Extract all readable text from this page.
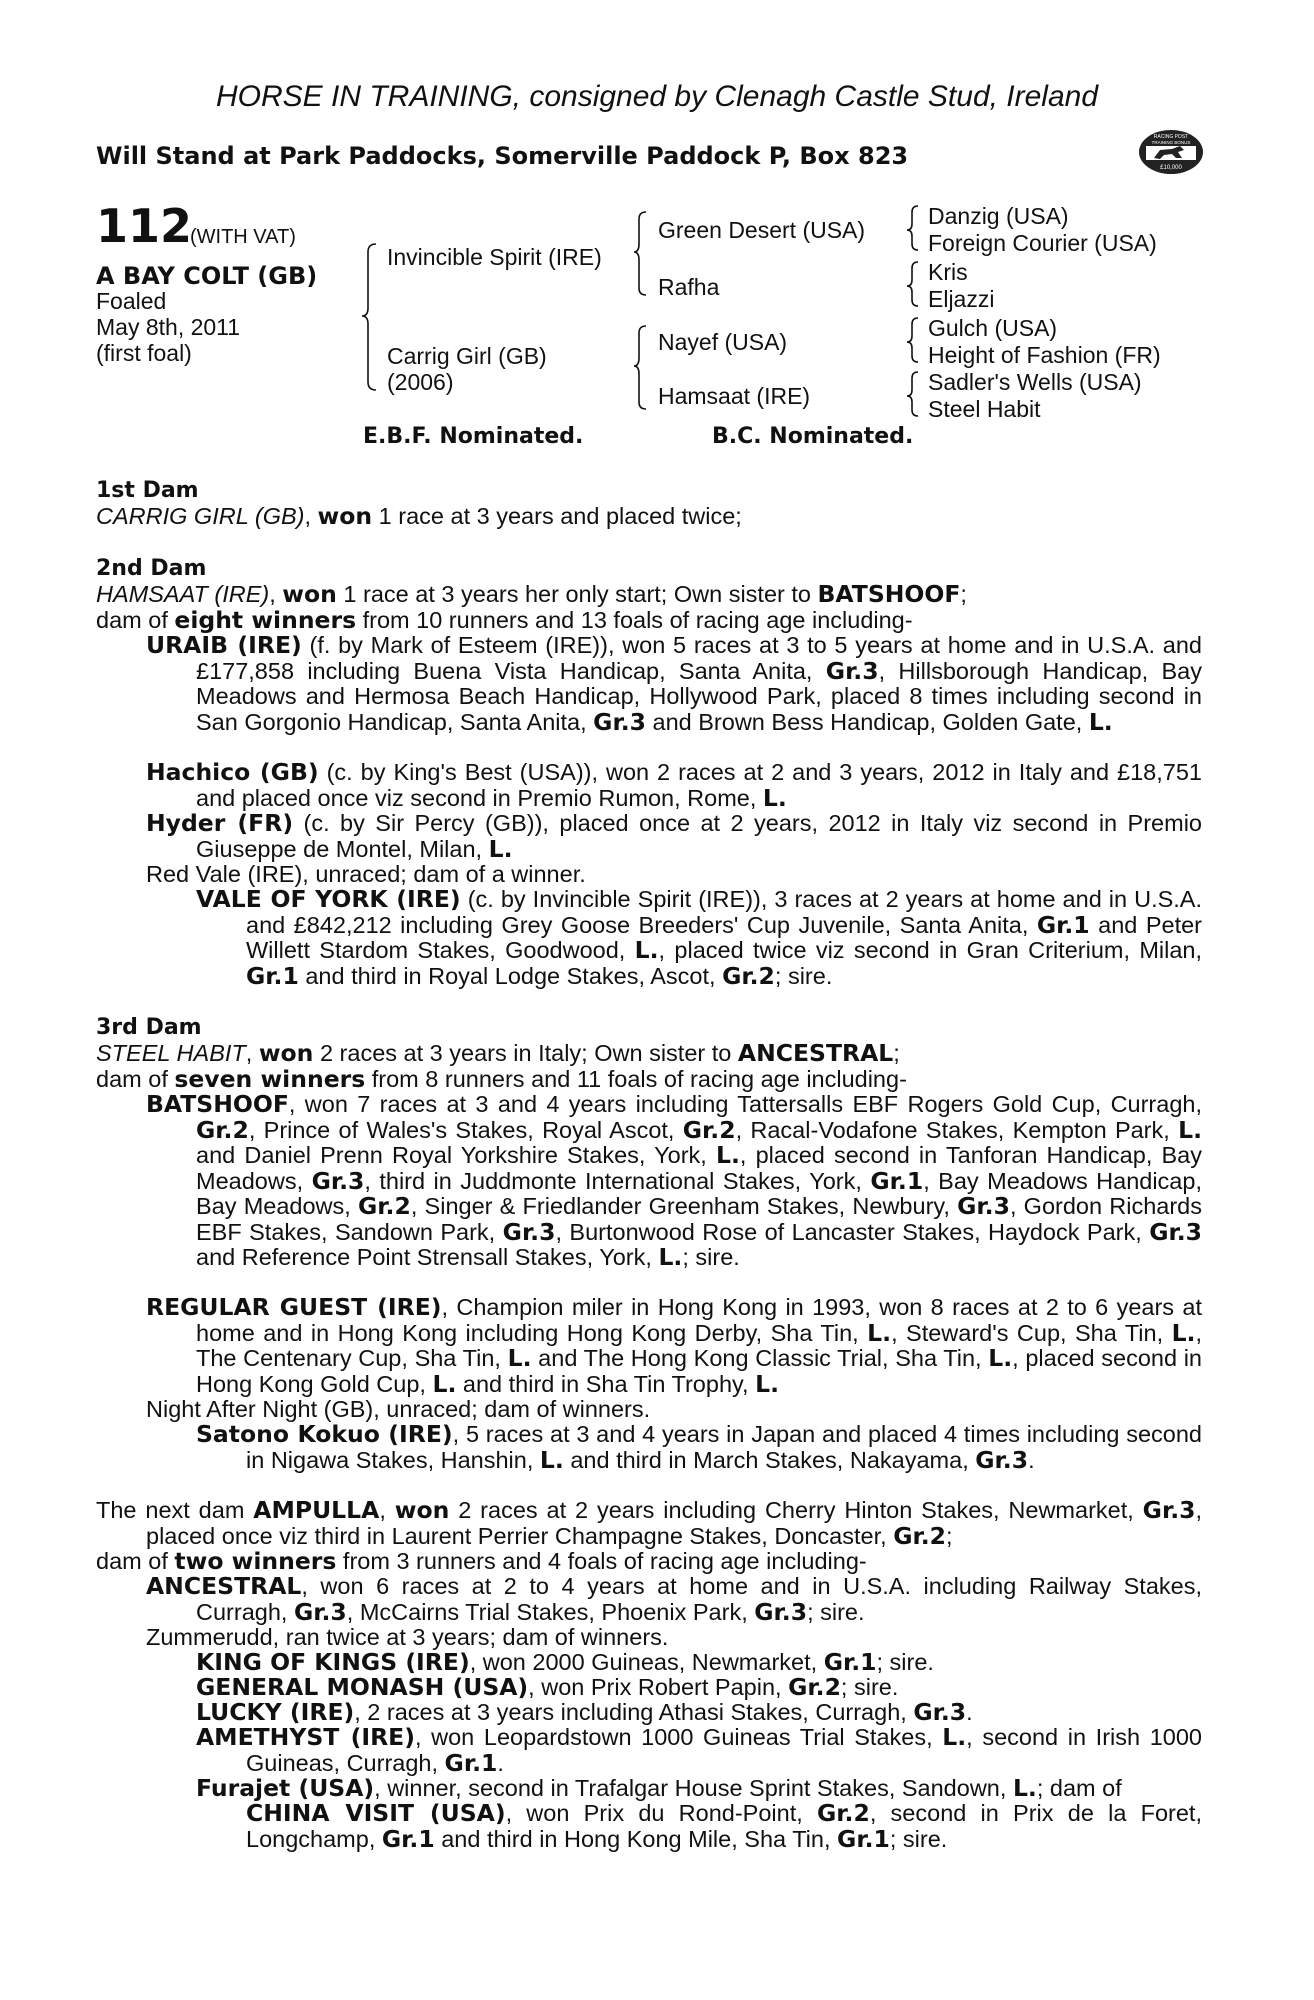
HORSE IN TRAINING, consigned by Clenagh Castle Stud, Ireland
Will Stand at Park Paddocks, Somerville Paddock P, Box 823
RACING POST
TRAINING BONUS
£10,000
112
(WITH VAT)
A BAY COLT (GB)
Foaled
May 8th, 2011
(first foal)
Invincible Spirit (IRE)
Carrig Girl (GB)
(2006)
Green Desert (USA)
Rafha
Nayef (USA)
Hamsaat (IRE)
Danzig (USA)
Foreign Courier (USA)
Kris
Eljazzi
Gulch (USA)
Height of Fashion (FR)
Sadler's Wells (USA)
Steel Habit
E.B.F. Nominated.	B.C. Nominated.
1st Dam
CARRIG GIRL (GB), won 1 race at 3 years and placed twice;
2nd Dam
HAMSAAT (IRE), won 1 race at 3 years her only start; Own sister to BATSHOOF;
dam of eight winners from 10 runners and 13 foals of racing age including-
URAIB (IRE) (f. by Mark of Esteem (IRE)), won 5 races at 3 to 5 years at home and in U.S.A. and £177,858 including Buena Vista Handicap, Santa Anita, Gr.3, Hillsborough Handicap, Bay Meadows and Hermosa Beach Handicap, Hollywood Park, placed 8 times including second in San Gorgonio Handicap, Santa Anita, Gr.3 and Brown Bess Handicap, Golden Gate, L.
Hachico (GB) (c. by King's Best (USA)), won 2 races at 2 and 3 years, 2012 in Italy and £18,751 and placed once viz second in Premio Rumon, Rome, L.
Hyder (FR) (c. by Sir Percy (GB)), placed once at 2 years, 2012 in Italy viz second in Premio Giuseppe de Montel, Milan, L.
Red Vale (IRE), unraced; dam of a winner.
VALE OF YORK (IRE) (c. by Invincible Spirit (IRE)), 3 races at 2 years at home and in U.S.A. and £842,212 including Grey Goose Breeders' Cup Juvenile, Santa Anita, Gr.1 and Peter Willett Stardom Stakes, Goodwood, L., placed twice viz second in Gran Criterium, Milan, Gr.1 and third in Royal Lodge Stakes, Ascot, Gr.2; sire.
3rd Dam
STEEL HABIT, won 2 races at 3 years in Italy; Own sister to ANCESTRAL;
dam of seven winners from 8 runners and 11 foals of racing age including-
BATSHOOF, won 7 races at 3 and 4 years including Tattersalls EBF Rogers Gold Cup, Curragh, Gr.2, Prince of Wales's Stakes, Royal Ascot, Gr.2, Racal-Vodafone Stakes, Kempton Park, L. and Daniel Prenn Royal Yorkshire Stakes, York, L., placed second in Tanforan Handicap, Bay Meadows, Gr.3, third in Juddmonte International Stakes, York, Gr.1, Bay Meadows Handicap, Bay Meadows, Gr.2, Singer & Friedlander Greenham Stakes, Newbury, Gr.3, Gordon Richards EBF Stakes, Sandown Park, Gr.3, Burtonwood Rose of Lancaster Stakes, Haydock Park, Gr.3 and Reference Point Strensall Stakes, York, L.; sire.
REGULAR GUEST (IRE), Champion miler in Hong Kong in 1993, won 8 races at 2 to 6 years at home and in Hong Kong including Hong Kong Derby, Sha Tin, L., Steward's Cup, Sha Tin, L., The Centenary Cup, Sha Tin, L. and The Hong Kong Classic Trial, Sha Tin, L., placed second in Hong Kong Gold Cup, L. and third in Sha Tin Trophy, L.
Night After Night (GB), unraced; dam of winners.
Satono Kokuo (IRE), 5 races at 3 and 4 years in Japan and placed 4 times including second in Nigawa Stakes, Hanshin, L. and third in March Stakes, Nakayama, Gr.3.
The next dam AMPULLA, won 2 races at 2 years including Cherry Hinton Stakes, Newmarket, Gr.3, placed once viz third in Laurent Perrier Champagne Stakes, Doncaster, Gr.2;
dam of two winners from 3 runners and 4 foals of racing age including-
ANCESTRAL, won 6 races at 2 to 4 years at home and in U.S.A. including Railway Stakes, Curragh, Gr.3, McCairns Trial Stakes, Phoenix Park, Gr.3; sire.
Zummerudd, ran twice at 3 years; dam of winners.
KING OF KINGS (IRE), won 2000 Guineas, Newmarket, Gr.1; sire.
GENERAL MONASH (USA), won Prix Robert Papin, Gr.2; sire.
LUCKY (IRE), 2 races at 3 years including Athasi Stakes, Curragh, Gr.3.
AMETHYST (IRE), won Leopardstown 1000 Guineas Trial Stakes, L., second in Irish 1000 Guineas, Curragh, Gr.1.
Furajet (USA), winner, second in Trafalgar House Sprint Stakes, Sandown, L.; dam of
CHINA VISIT (USA), won Prix du Rond-Point, Gr.2, second in Prix de la Foret, Longchamp, Gr.1 and third in Hong Kong Mile, Sha Tin, Gr.1; sire.
